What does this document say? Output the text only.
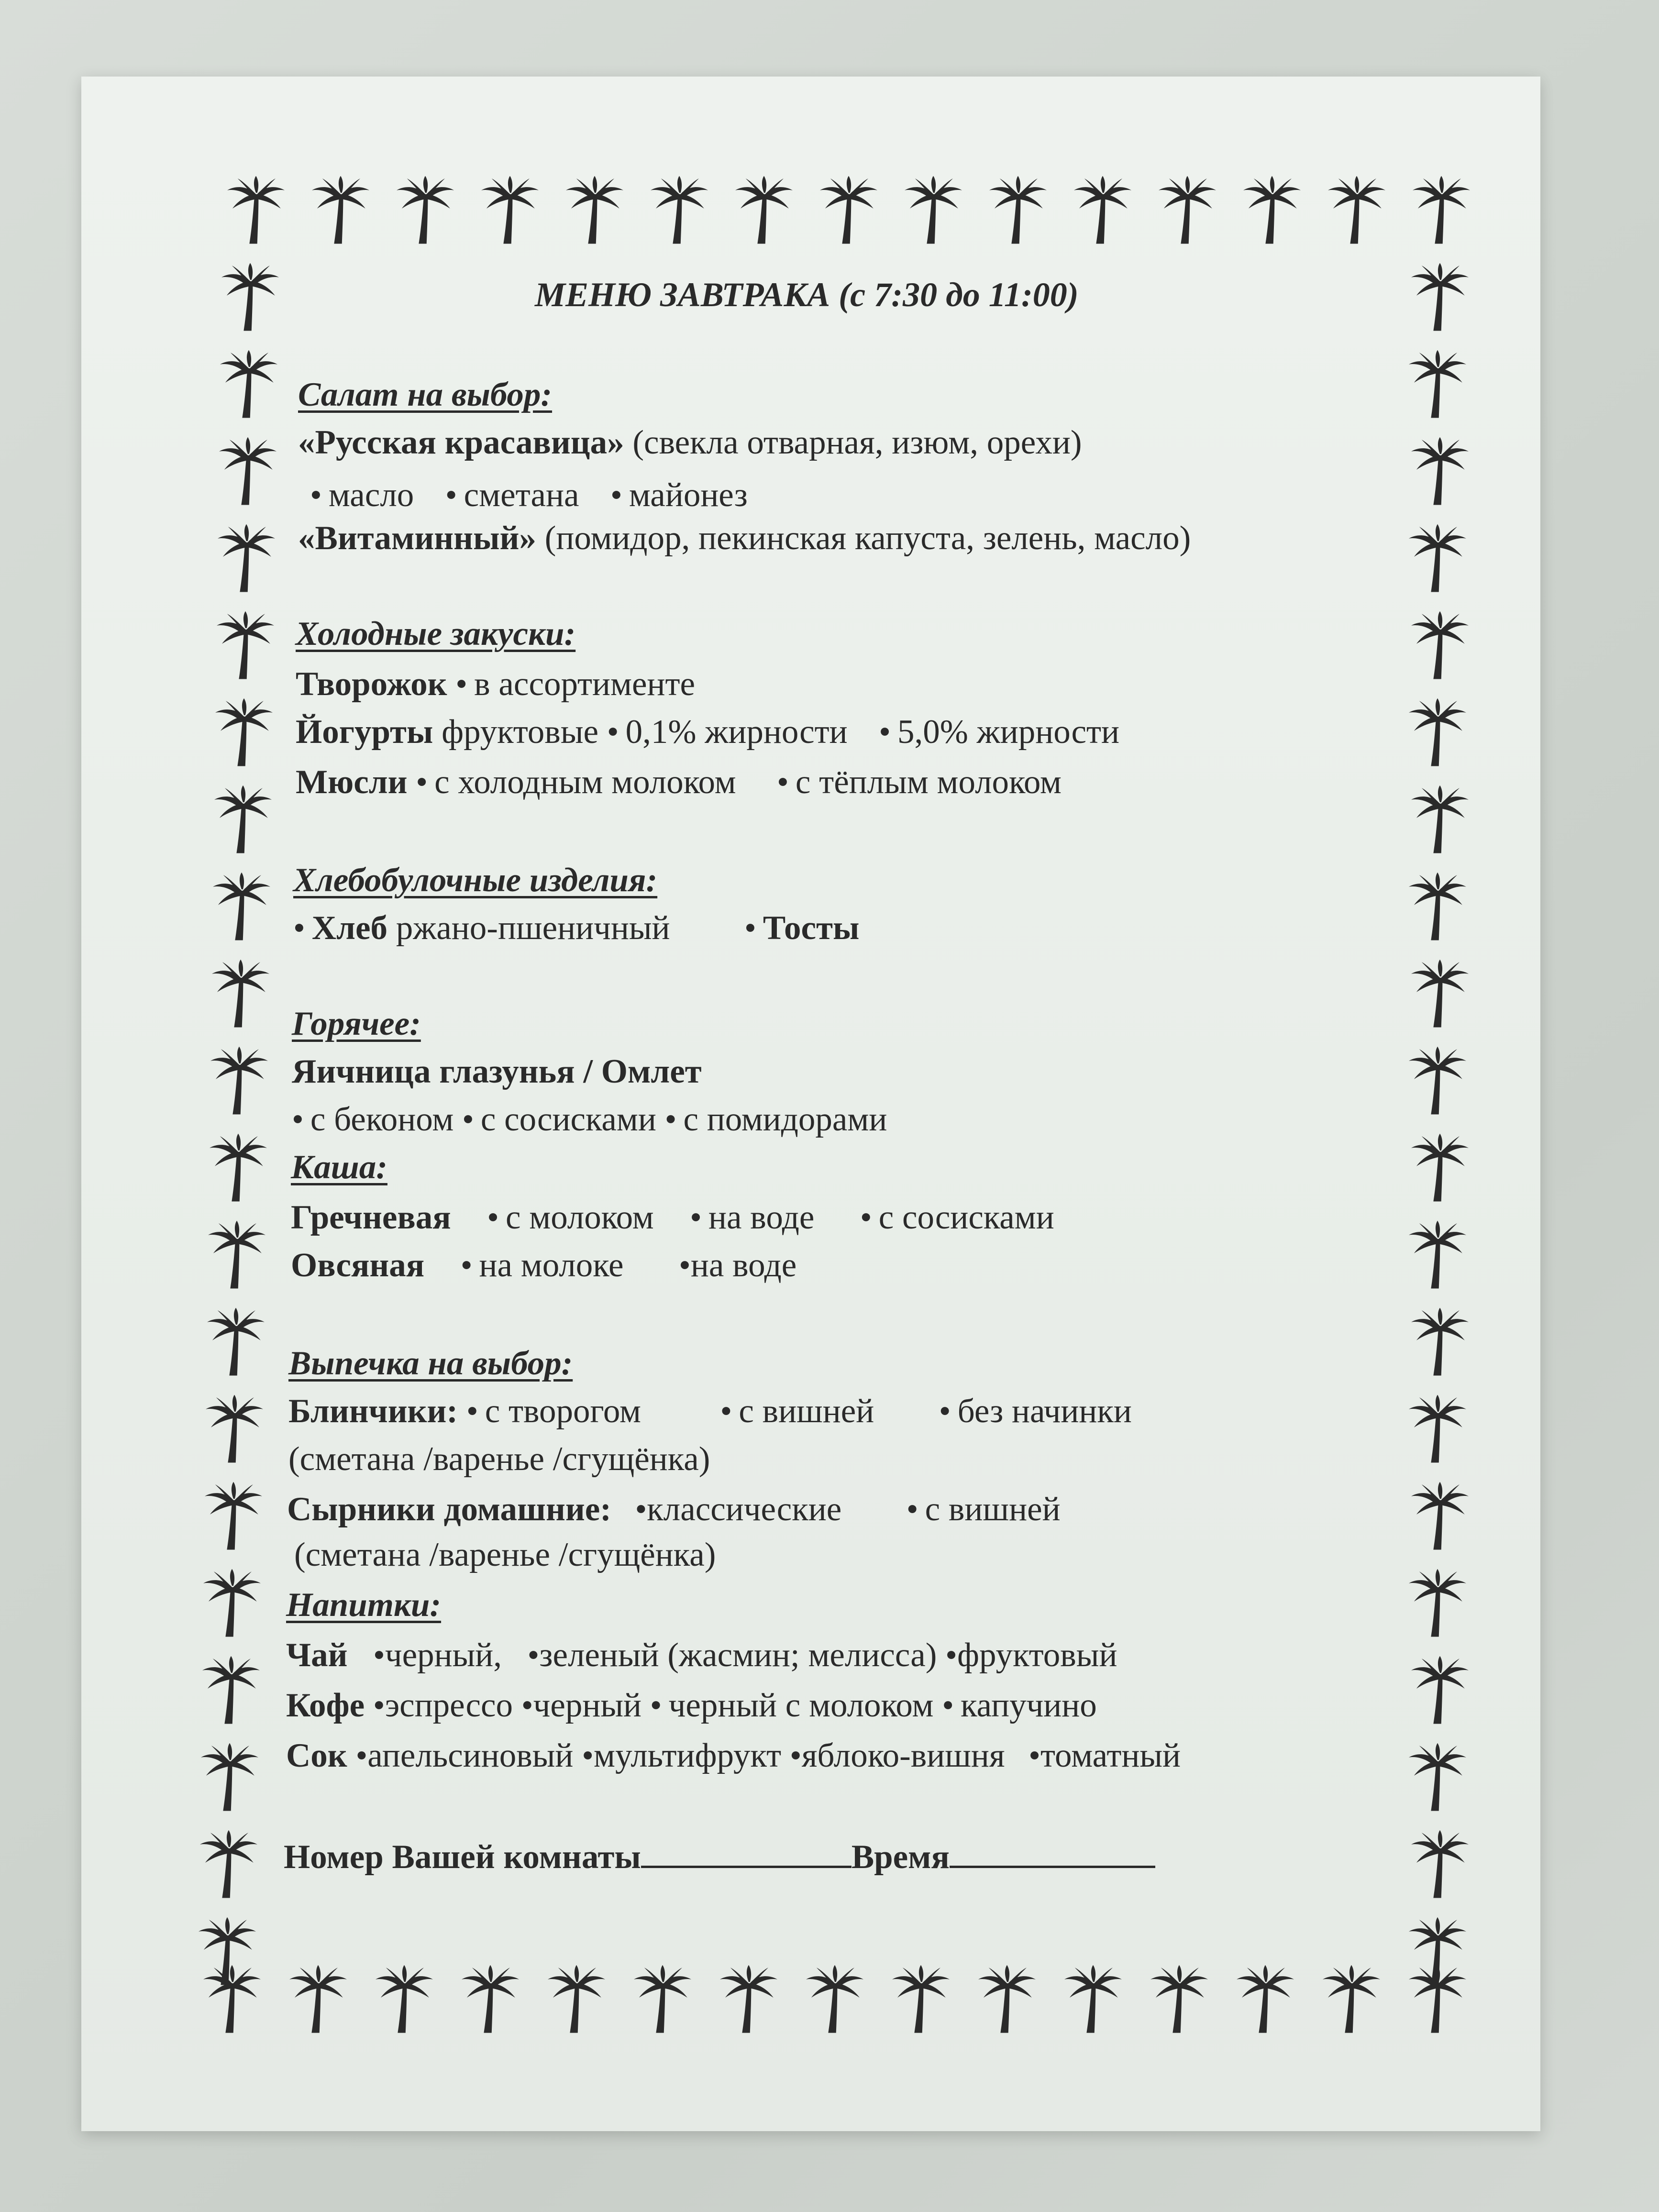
МЕНЮ ЗАВТРАКА (с 7:30 до 11:00)
Салат на выбор:
«Русская красавица» (свекла отварная, изюм, орехи)
• масло • сметана • майонез
«Витаминный» (помидор, пекинская капуста, зелень, масло)
Холодные закуски:
Творожок • в ассортименте
Йогурты фруктовые • 0,1% жирности • 5,0% жирности
Мюсли • с холодным молоком • с тёплым молоком
Хлебобулочные изделия:
• Хлеб ржано-пшеничный • Тосты
Горячее:
Яичница глазунья / Омлет
• с беконом • с сосисками • с помидорами
Каша:
Гречневая • с молоком • на воде • с сосисками
Овсяная • на молоке •на воде
Выпечка на выбор:
Блинчики: • с творогом • с вишней • без начинки
(сметана /варенье /сгущёнка)
Сырники домашние: •классические • с вишней
(сметана /варенье /сгущёнка)
Напитки:
Чай •черный, •зеленый (жасмин; мелисса) •фруктовый
Кофе •эспрессо •черный • черный с молоком • капучино
Сок •апельсиновый •мультифрукт •яблоко-вишня •томатный
Номер Вашей комнаты	Время
